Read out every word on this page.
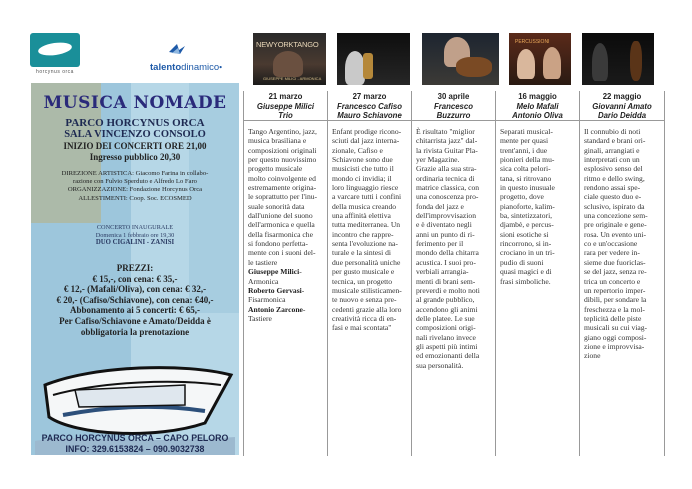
horcynus orca	talentodinamico●
MUSICA NOMADE
PARCO HORCYNUS ORCA
SALA VINCENZO CONSOLO
INIZIO DEI CONCERTI ORE 21,00
Ingresso pubblico 20,30
DIREZIONE ARTISTICA: Giacomo Farina in collabo-
razione con Fulvio Sperduto e Alfredo Lo Faro
ORGANIZZAZIONE: Fondazione Horcynus Orca
ALLESTIMENTI: Coop. Soc. ECOSMED
CONCERTO INAUGURALE
Domenica 1 febbraio ore 19,30
DUO CIGALINI - ZANISI
PREZZI:
€ 15,-, con cena: € 35,-
€ 12,- (Mafali/Oliva), con cena: € 32,-
€ 20,- (Cafiso/Schiavone), con cena: €40,-
Abbonamento ai 5 concerti: € 65,-
Per Cafiso/Schiavone e Amato/Deidda è
obbligatoria la prenotazione
PARCO HORCYNUS ORCA – CAPO PELORO
INFO: 329.6153824 – 090.9032738
NEWYORKTANGO
GIUSEPPE MILICI - ARMONICA
PERCUSSIONI
21 marzo
Giuseppe Milici
Trio
Tango Argentino, jazz,
musica brasiliana e
composizioni originali
per questo nuovissimo
progetto musicale
molto coinvolgente ed
estremamente origina-
le soprattutto per l'inu-
suale sonorità data
dall'unione del suono
dell'armonica e quella
della fisarmonica che
si fondono perfetta-
mente con i suoni del-
le tastiere
Giuseppe Milici-
Armonica
Roberto Gervasi-
Fisarmonica
Antonio Zarcone-
Tastiere
27 marzo
Francesco Cafiso
Mauro Schiavone
Enfant prodige ricono-
sciuti dal jazz interna-
zionale, Cafiso e
Schiavone sono due
musicisti che tutto il
mondo ci invidia; il
loro linguaggio riesce
a varcare tutti i confini
della musica creando
una affinità elettiva
tutta mediterranea. Un
incontro che rappre-
senta l'evoluzione na-
turale e la sintesi di
due personalità uniche
per gusto musicale e
tecnica, un progetto
musicale stilisticamen-
te nuovo e senza pre-
cedenti grazie alla loro
creatività ricca di en-
fasi e mai scontata"
30 aprile
Francesco
Buzzurro
È risultato "miglior
chitarrista jazz" dal-
la rivista Guitar Pla-
yer Magazine.
Grazie alla sua stra-
ordinaria tecnica di
matrice classica, con
una conoscenza pro-
fonda del jazz e
dell'improvvisazion
e è diventato negli
anni un punto di ri-
ferimento per il
mondo della chitarra
acustica. I suoi pro-
verbiali arrangia-
menti di brani sem-
preverdi e molto noti
al grande pubblico,
accendono gli animi
delle platee. Le sue
composizioni origi-
nali rivelano invece
gli aspetti più intimi
ed emozionanti della
sua personalità.
16 maggio
Melo Mafali
Antonio Oliva
Separati musical-
mente per quasi
trent'anni, i due
pionieri della mu-
sica colta pelori-
tana, si ritrovano
in questo inusuale
progetto, dove
pianoforte, kalim-
ba, sintetizzatori,
djambè, e percus-
sioni esotiche si
rincorrono, si in-
crociano in un tri-
pudio di suoni
quasi magici e di
frasi simboliche.
22 maggio
Giovanni Amato
Dario Deidda
Il connubio di noti
standard e brani ori-
ginali, arrangiati e
interpretati con un
esplosivo senso del
ritmo e dello swing,
rendono assai spe-
ciale questo duo e-
sclusivo, ispirato da
una concezione sem-
pre originale e gene-
rosa. Un evento uni-
co e un'occasione
rara per vedere in-
sieme due fuoriclas-
se del jazz, senza re-
trica un concerto e
un repertorio imper-
dibili, per sondare la
freschezza e la mol-
teplicità delle piste
musicali su cui viag-
giano oggi composi-
zione e improvvisa-
zione
